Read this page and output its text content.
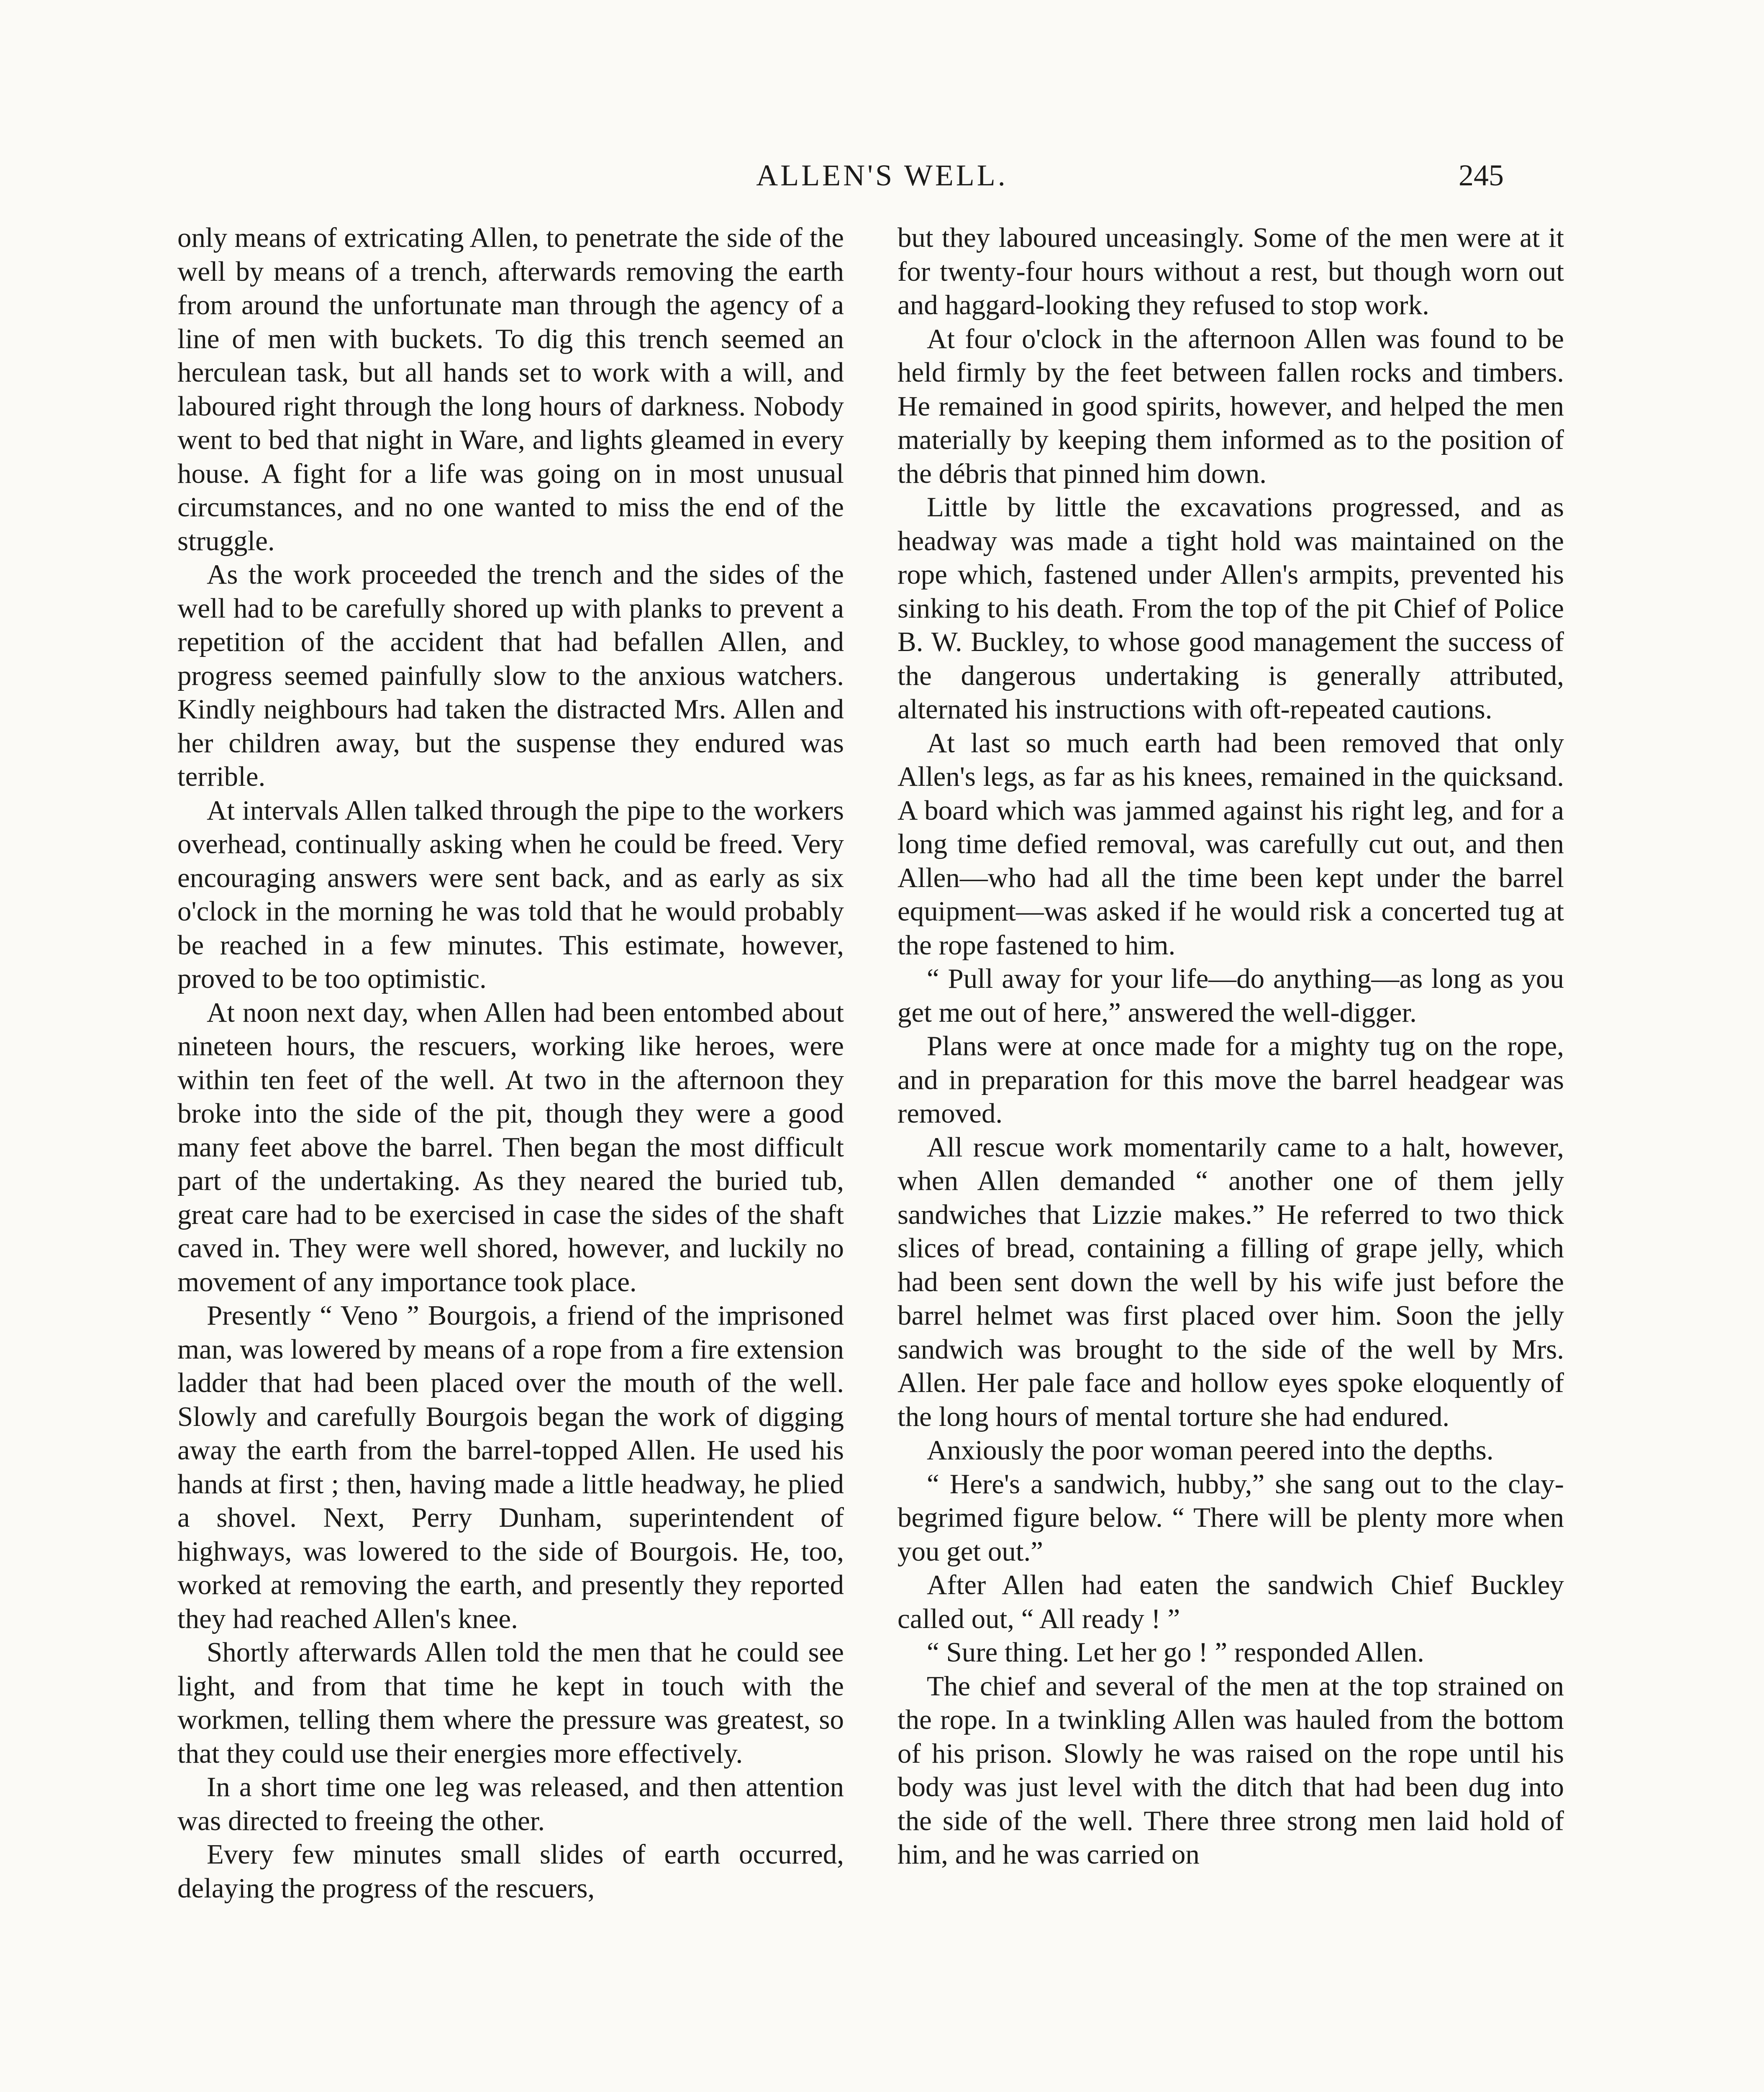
ALLEN'S WELL.	245

only means of extricating Allen, to penetrate the side of the well by means of a trench, afterwards removing the earth from around the unfortunate man through the agency of a line of men with buckets. To dig this trench seemed an herculean task, but all hands set to work with a will, and laboured right through the long hours of darkness. Nobody went to bed that night in Ware, and lights gleamed in every house. A fight for a life was going on in most unusual circumstances, and no one wanted to miss the end of the struggle.

As the work proceeded the trench and the sides of the well had to be carefully shored up with planks to prevent a repetition of the accident that had befallen Allen, and progress seemed painfully slow to the anxious watchers. Kindly neighbours had taken the distracted Mrs. Allen and her children away, but the suspense they endured was terrible.

At intervals Allen talked through the pipe to the workers overhead, continually asking when he could be freed. Very encouraging answers were sent back, and as early as six o'clock in the morning he was told that he would probably be reached in a few minutes. This estimate, however, proved to be too optimistic.

At noon next day, when Allen had been entombed about nineteen hours, the rescuers, working like heroes, were within ten feet of the well. At two in the afternoon they broke into the side of the pit, though they were a good many feet above the barrel. Then began the most difficult part of the undertaking. As they neared the buried tub, great care had to be exercised in case the sides of the shaft caved in. They were well shored, however, and luckily no movement of any importance took place.

Presently “ Veno ” Bourgois, a friend of the imprisoned man, was lowered by means of a rope from a fire extension ladder that had been placed over the mouth of the well. Slowly and carefully Bourgois began the work of digging away the earth from the barrel-topped Allen. He used his hands at first ; then, having made a little headway, he plied a shovel. Next, Perry Dunham, superintendent of highways, was lowered to the side of Bourgois. He, too, worked at removing the earth, and presently they reported they had reached Allen's knee.

Shortly afterwards Allen told the men that he could see light, and from that time he kept in touch with the workmen, telling them where the pressure was greatest, so that they could use their energies more effectively.

In a short time one leg was released, and then attention was directed to freeing the other.

Every few minutes small slides of earth occurred, delaying the progress of the rescuers,

but they laboured unceasingly. Some of the men were at it for twenty-four hours without a rest, but though worn out and haggard-looking they refused to stop work.

At four o'clock in the afternoon Allen was found to be held firmly by the feet between fallen rocks and timbers. He remained in good spirits, however, and helped the men materially by keeping them informed as to the position of the débris that pinned him down.

Little by little the excavations progressed, and as headway was made a tight hold was maintained on the rope which, fastened under Allen's armpits, prevented his sinking to his death. From the top of the pit Chief of Police B. W. Buckley, to whose good management the success of the dangerous undertaking is generally attributed, alternated his instructions with oft-repeated cautions.

At last so much earth had been removed that only Allen's legs, as far as his knees, remained in the quicksand. A board which was jammed against his right leg, and for a long time defied removal, was carefully cut out, and then Allen—who had all the time been kept under the barrel equipment—was asked if he would risk a concerted tug at the rope fastened to him.

“ Pull away for your life—do anything—as long as you get me out of here,” answered the well-digger.

Plans were at once made for a mighty tug on the rope, and in preparation for this move the barrel headgear was removed.

All rescue work momentarily came to a halt, however, when Allen demanded “ another one of them jelly sandwiches that Lizzie makes.” He referred to two thick slices of bread, containing a filling of grape jelly, which had been sent down the well by his wife just before the barrel helmet was first placed over him. Soon the jelly sandwich was brought to the side of the well by Mrs. Allen. Her pale face and hollow eyes spoke eloquently of the long hours of mental torture she had endured.

Anxiously the poor woman peered into the depths.

“ Here's a sandwich, hubby,” she sang out to the clay-begrimed figure below. “ There will be plenty more when you get out.”

After Allen had eaten the sandwich Chief Buckley called out, “ All ready ! ”

“ Sure thing. Let her go ! ” responded Allen.

The chief and several of the men at the top strained on the rope. In a twinkling Allen was hauled from the bottom of his prison. Slowly he was raised on the rope until his body was just level with the ditch that had been dug into the side of the well. There three strong men laid hold of him, and he was carried on
